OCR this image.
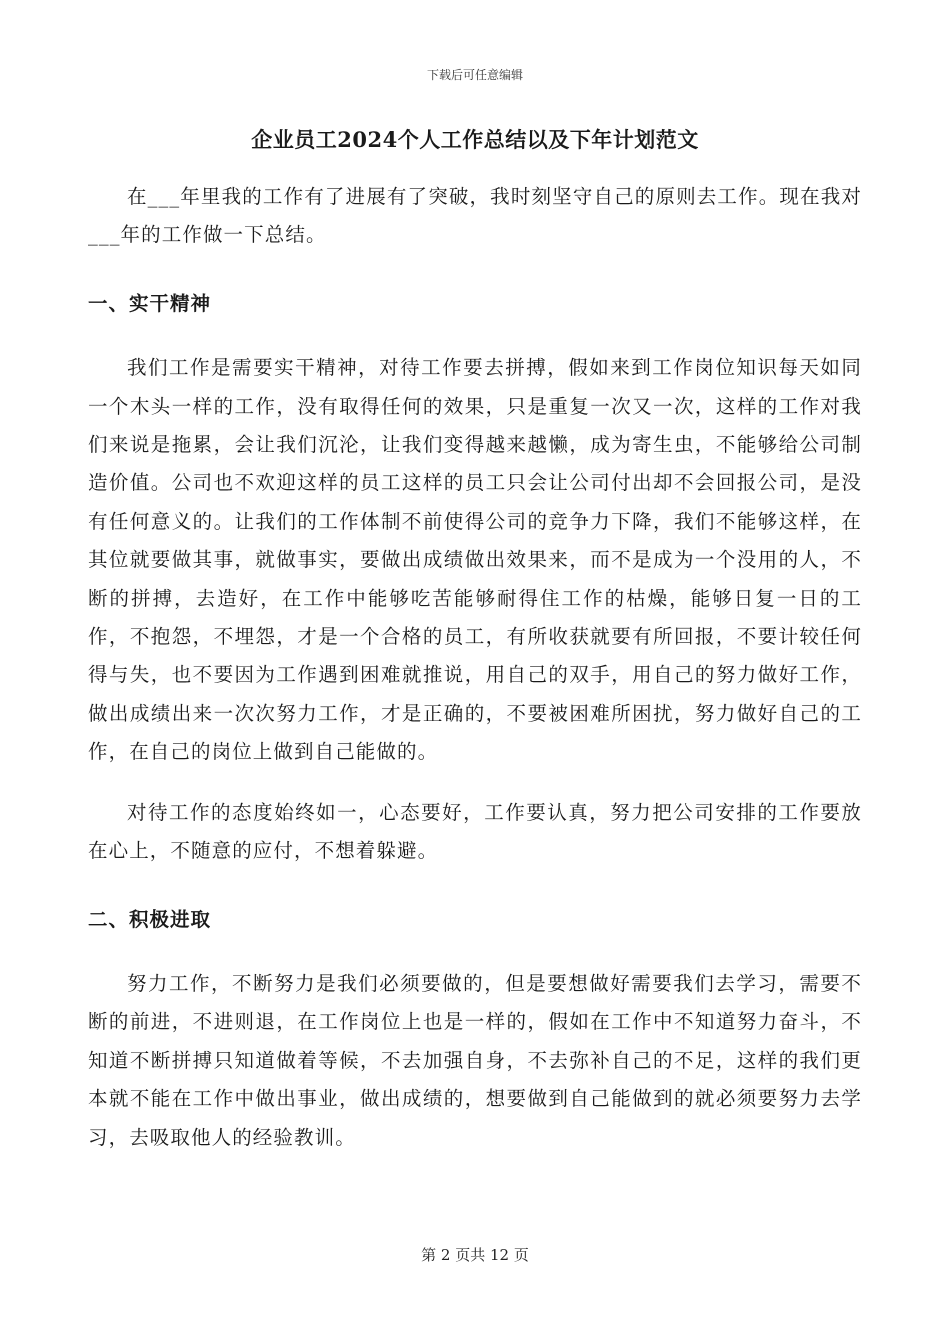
下载后可任意编辑
企业员工2024个人工作总结以及下年计划范文

在___年里我的工作有了进展有了突破，我时刻坚守自己的原则去工作。现在我对___年的工作做一下总结。

一、实干精神

我们工作是需要实干精神，对待工作要去拼搏，假如来到工作岗位知识每天如同一个木头一样的工作，没有取得任何的效果，只是重复一次又一次，这样的工作对我们来说是拖累，会让我们沉沦，让我们变得越来越懒，成为寄生虫，不能够给公司制造价值。公司也不欢迎这样的员工这样的员工只会让公司付出却不会回报公司，是没有任何意义的。让我们的工作体制不前使得公司的竞争力下降，我们不能够这样，在其位就要做其事，就做事实，要做出成绩做出效果来，而不是成为一个没用的人，不断的拼搏，去造好，在工作中能够吃苦能够耐得住工作的枯燥，能够日复一日的工作，不抱怨，不埋怨，才是一个合格的员工，有所收获就要有所回报，不要计较任何得与失，也不要因为工作遇到困难就推说，用自己的双手，用自己的努力做好工作，做出成绩出来一次次努力工作，才是正确的，不要被困难所困扰，努力做好自己的工作，在自己的岗位上做到自己能做的。

对待工作的态度始终如一，心态要好，工作要认真，努力把公司安排的工作要放在心上，不随意的应付，不想着躲避。

二、积极进取

努力工作，不断努力是我们必须要做的，但是要想做好需要我们去学习，需要不断的前进，不进则退，在工作岗位上也是一样的，假如在工作中不知道努力奋斗，不知道不断拼搏只知道做着等候，不去加强自身，不去弥补自己的不足，这样的我们更本就不能在工作中做出事业，做出成绩的，想要做到自己能做到的就必须要努力去学习，去吸取他人的经验教训。

第 2 页共 12 页
